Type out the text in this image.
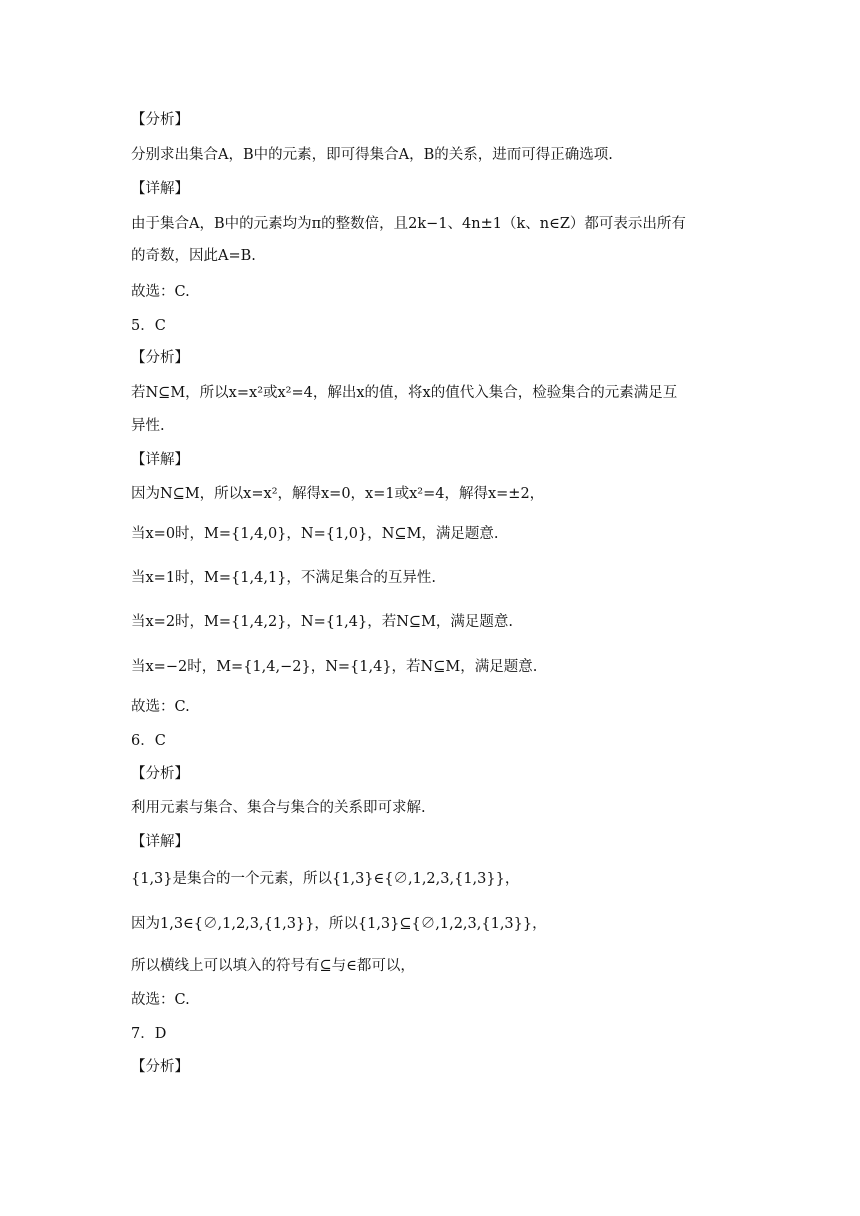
【分析】
分别求出集合A，B中的元素，即可得集合A，B的关系，进而可得正确选项.
【详解】
由于集合A，B中的元素均为π的整数倍，且2k−1、4n±1（k、n∈Z）都可表示出所有
的奇数，因此A=B.
故选：C.
5．C
【分析】
若N⊆M，所以x=x²或x²=4，解出x的值，将x的值代入集合，检验集合的元素满足互
异性.
【详解】
因为N⊆M，所以x=x²，解得x=0，x=1或x²=4，解得x=±2，
当x=0时，M={1,4,0}，N={1,0}，N⊆M，满足题意.
当x=1时，M={1,4,1}，不满足集合的互异性.
当x=2时，M={1,4,2}，N={1,4}，若N⊆M，满足题意.
当x=−2时，M={1,4,−2}，N={1,4}，若N⊆M，满足题意.
故选：C.
6．C
【分析】
利用元素与集合、集合与集合的关系即可求解.
【详解】
{1,3}是集合的一个元素，所以{1,3}∈{∅,1,2,3,{1,3}}，
因为1,3∈{∅,1,2,3,{1,3}}，所以{1,3}⊆{∅,1,2,3,{1,3}}，
所以横线上可以填入的符号有⊆与∈都可以，
故选：C.
7．D
【分析】
